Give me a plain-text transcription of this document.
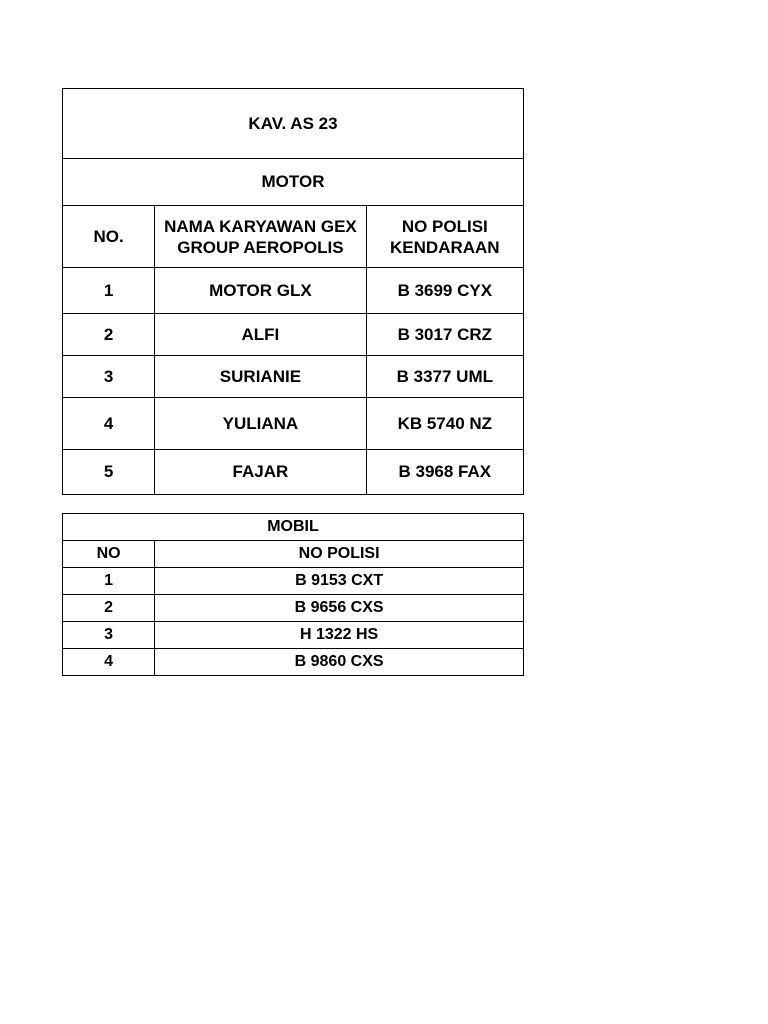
KAV. AS 23		
MOTOR		
NO.	NAMA KARYAWAN GEX GROUP AEROPOLIS	NO POLISI KENDARAAN
1	MOTOR GLX	B 3699 CYX
2	ALFI	B 3017 CRZ
3	SURIANIE	B 3377 UML
4	YULIANA	KB 5740 NZ
5	FAJAR	B 3968 FAX
MOBIL	
NO	NO POLISI
1	B 9153 CXT
2	B 9656 CXS
3	H 1322 HS
4	B 9860 CXS
